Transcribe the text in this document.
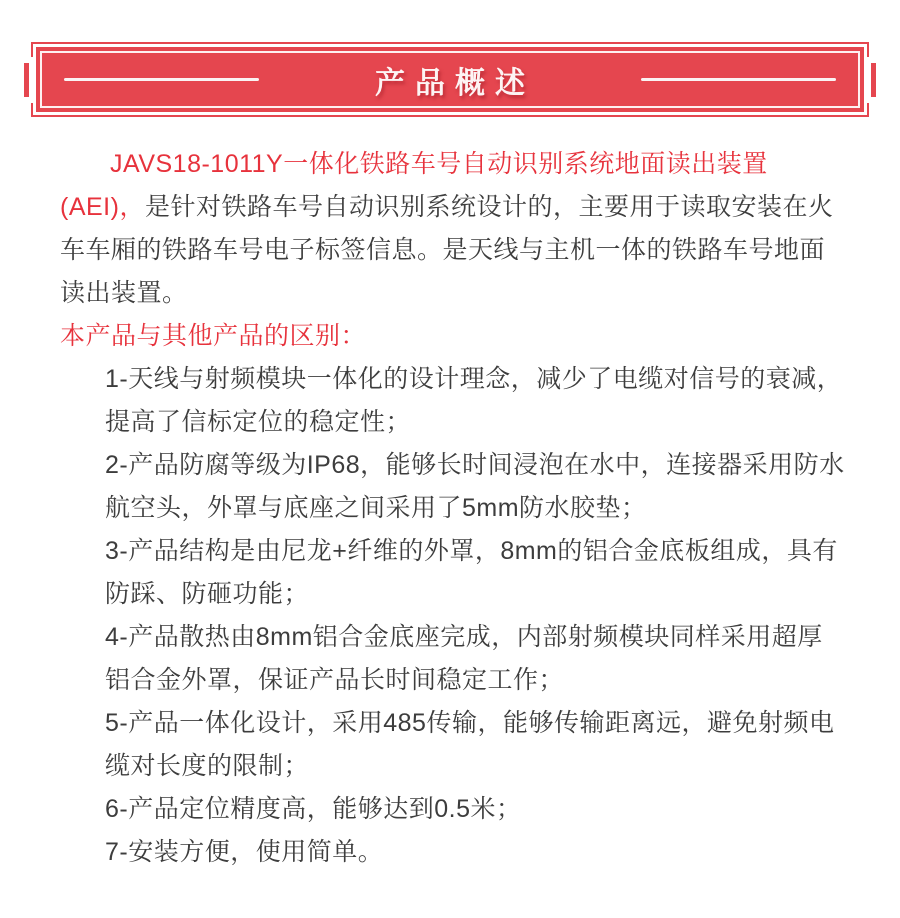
产品概述

JAVS18-1011Y一体化铁路车号自动识别系统地面读出装置(AEI)，是针对铁路车号自动识别系统设计的，主要用于读取安装在火车车厢的铁路车号电子标签信息。是天线与主机一体的铁路车号地面读出装置。

本产品与其他产品的区别：

1-天线与射频模块一体化的设计理念，减少了电缆对信号的衰减，提高了信标定位的稳定性；
2-产品防腐等级为IP68，能够长时间浸泡在水中，连接器采用防水航空头，外罩与底座之间采用了5mm防水胶垫；
3-产品结构是由尼龙+纤维的外罩，8mm的铝合金底板组成，具有防踩、防砸功能；
4-产品散热由8mm铝合金底座完成，内部射频模块同样采用超厚铝合金外罩，保证产品长时间稳定工作；
5-产品一体化设计，采用485传输，能够传输距离远，避免射频电缆对长度的限制；
6-产品定位精度高，能够达到0.5米；
7-安装方便，使用简单。
